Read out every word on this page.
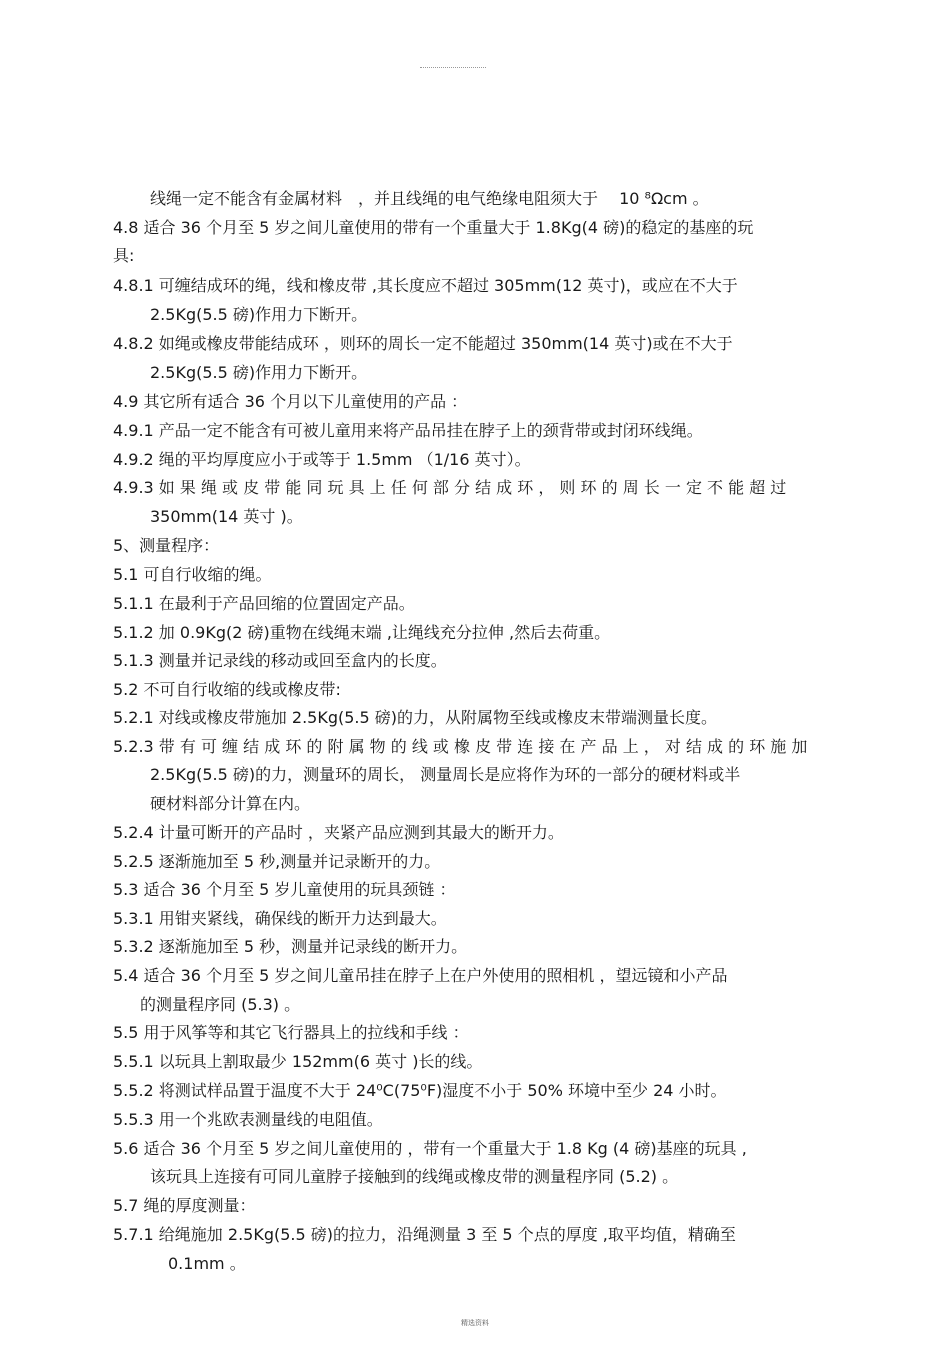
线绳一定不能含有金属材料　，并且线绳的电气绝缘电阻须大于　 10 ⁸Ωcm 。
4.8 适合 36 个月至 5 岁之间儿童使用的带有一个重量大于 1.8Kg(4 磅)的稳定的基座的玩
具:
4.8.1 可缠结成环的绳，线和橡皮带 ,其长度应不超过 305mm(12 英寸)，或应在不大于
2.5Kg(5.5 磅)作用力下断开。
4.8.2 如绳或橡皮带能结成环 ，则环的周长一定不能超过 350mm(14 英寸)或在不大于
2.5Kg(5.5 磅)作用力下断开。
4.9 其它所有适合 36 个月以下儿童使用的产品 ：
4.9.1 产品一定不能含有可被儿童用来将产品吊挂在脖子上的颈背带或封闭环线绳。
4.9.2 绳的平均厚度应小于或等于 1.5mm （1/16 英寸）。
4.9.3 如 果 绳 或 皮 带 能 同 玩 具 上 任 何 部 分 结 成 环 ， 则 环 的 周 长 一 定 不 能 超 过
350mm(14 英寸 )。
5、测量程序：
5.1 可自行收缩的绳。
5.1.1 在最利于产品回缩的位置固定产品。
5.1.2 加 0.9Kg(2 磅)重物在线绳末端 ,让绳线充分拉伸 ,然后去荷重。
5.1.3 测量并记录线的移动或回至盒内的长度。
5.2 不可自行收缩的线或橡皮带:
5.2.1 对线或橡皮带施加 2.5Kg(5.5 磅)的力，从附属物至线或橡皮末带端测量长度。
5.2.3 带 有 可 缠 结 成 环 的 附 属 物 的 线 或 橡 皮 带 连 接 在 产 品 上 ， 对 结 成 的 环 施 加
2.5Kg(5.5 磅)的力，测量环的周长， 测量周长是应将作为环的一部分的硬材料或半
硬材料部分计算在内。
5.2.4 计量可断开的产品时 ，夹紧产品应测到其最大的断开力。
5.2.5 逐渐施加至 5 秒,测量并记录断开的力。
5.3 适合 36 个月至 5 岁儿童使用的玩具颈链 ：
5.3.1 用钳夹紧线，确保线的断开力达到最大。
5.3.2 逐渐施加至 5 秒，测量并记录线的断开力。
5.4 适合 36 个月至 5 岁之间儿童吊挂在脖子上在户外使用的照相机 ，望远镜和小产品
的测量程序同 (5.3) 。
5.5 用于风筝等和其它飞行器具上的拉线和手线 ：
5.5.1 以玩具上割取最少 152mm(6 英寸 )长的线。
5.5.2 将测试样品置于温度不大于 24⁰C(75⁰F)湿度不小于 50% 环境中至少 24 小时。
5.5.3 用一个兆欧表测量线的电阻值。
5.6 适合 36 个月至 5 岁之间儿童使用的 ，带有一个重量大于 1.8 Kg (4 磅)基座的玩具 ,
该玩具上连接有可同儿童脖子接触到的线绳或橡皮带的测量程序同 (5.2) 。
5.7 绳的厚度测量：
5.7.1 给绳施加 2.5Kg(5.5 磅)的拉力，沿绳测量 3 至 5 个点的厚度 ,取平均值，精确至
0.1mm 。
精选资料
